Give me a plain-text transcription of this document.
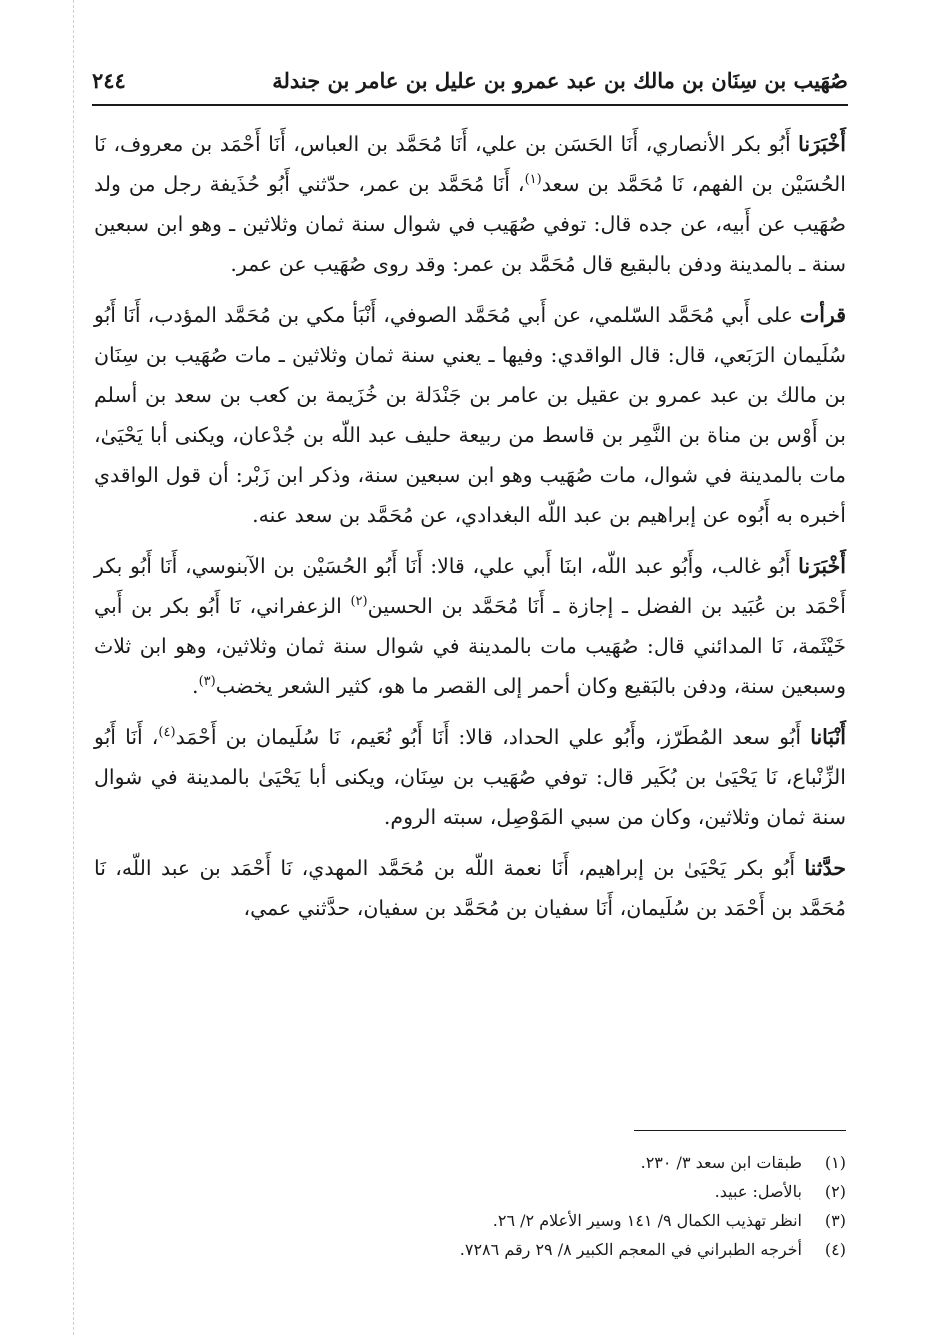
صُهَيب بن سِنَان بن مالك بن عبد عمرو بن عليل بن عامر بن جندلة
٢٤٤

أَخْبَرَنا أَبُو بكر الأنصاري، أَنَا الحَسَن بن علي، أَنَا مُحَمَّد بن العباس، أَنَا أَحْمَد بن معروف، نَا الحُسَيْن بن الفهم، نَا مُحَمَّد بن سعد$^{(١)}$، أَنَا مُحَمَّد بن عمر، حدّثني أَبُو حُذَيفة رجل من ولد صُهَيب عن أَبيه، عن جده قال: توفي صُهَيب في شوال سنة ثمان وثلاثين ـ وهو ابن سبعين سنة ـ بالمدينة ودفن بالبقيع قال مُحَمَّد بن عمر: وقد روى صُهَيب عن عمر.

قرأت على أَبي مُحَمَّد السّلمي، عن أَبي مُحَمَّد الصوفي، أَنْبَأ مكي بن مُحَمَّد المؤدب، أَنَا أَبُو سُلَيمان الرَبَعي، قال: قال الواقدي: وفيها ـ يعني سنة ثمان وثلاثين ـ مات صُهَيب بن سِنَان بن مالك بن عبد عمرو بن عقيل بن عامر بن جَنْدَلة بن خُزَيمة بن كعب بن سعد بن أسلم بن أَوْس بن مناة بن النَّمِر بن قاسط من ربيعة حليف عبد اللّه بن جُدْعان، ويكنى أبا يَحْيَىٰ، مات بالمدينة في شوال، مات صُهَيب وهو ابن سبعين سنة، وذكر ابن زَبْر: أن قول الواقدي أخبره به أَبُوه عن إبراهيم بن عبد اللّه البغدادي، عن مُحَمَّد بن سعد عنه.

أَخْبَرَنا أَبُو غالب، وأَبُو عبد اللّه، ابنَا أَبي علي، قالا: أَنَا أَبُو الحُسَيْن بن الآبنوسي، أَنَا أَبُو بكر أَحْمَد بن عُبَيد بن الفضل ـ إجازة ـ أَنَا مُحَمَّد بن الحسين$^{(٢)}$ الزعفراني، نَا أَبُو بكر بن أَبي خَيْثَمة، نَا المدائني قال: صُهَيب مات بالمدينة في شوال سنة ثمان وثلاثين، وهو ابن ثلاث وسبعين سنة، ودفن بالبَقيع وكان أحمر إلى القصر ما هو، كثير الشعر يخضب$^{(٣)}$.

أَنْبَانا أَبُو سعد المُطَرّز، وأَبُو علي الحداد، قالا: أَنَا أَبُو نُعَيم، نَا سُلَيمان بن أَحْمَد$^{(٤)}$، أَنَا أَبُو الزِّنْباع، نَا يَحْيَىٰ بن بُكَير قال: توفي صُهَيب بن سِنَان، ويكنى أبا يَحْيَىٰ بالمدينة في شوال سنة ثمان وثلاثين، وكان من سبي المَوْصِل، سبته الروم.

حدَّثنا أَبُو بكر يَحْيَىٰ بن إبراهيم، أَنَا نعمة اللّه بن مُحَمَّد المهدي، نَا أَحْمَد بن عبد اللّه، نَا مُحَمَّد بن أَحْمَد بن سُلَيمان، أَنَا سفيان بن مُحَمَّد بن سفيان، حدَّثني عمي،

(١)
طبقات ابن سعد ٣/ ٢٣٠.
(٢)
بالأصل: عبيد.
(٣)
انظر تهذيب الكمال ٩/ ١٤١ وسير الأعلام ٢/ ٢٦.
(٤)
أخرجه الطبراني في المعجم الكبير ٨/ ٢٩ رقم ٧٢٨٦.
